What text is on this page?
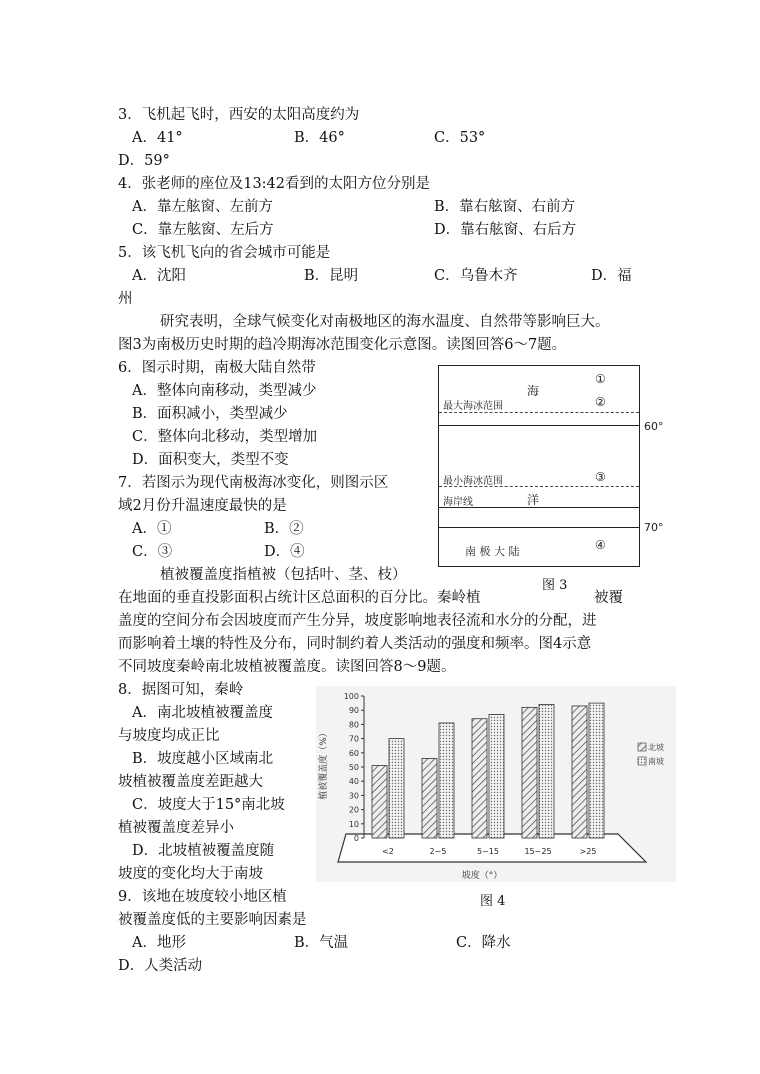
3．飞机起飞时，西安的太阳高度约为
A．41°	B．46°	C．53°
D．59°
4．张老师的座位及13:42看到的太阳方位分别是
A．靠左舷窗、左前方	B．靠右舷窗、右前方
C．靠左舷窗、左后方	D．靠右舷窗、右后方
5．该飞机飞向的省会城市可能是
A．沈阳	B．昆明	C．乌鲁木齐	D．福
州
研究表明，全球气候变化对南极地区的海水温度、自然带等影响巨大。
图3为南极历史时期的趋冷期海冰范围变化示意图。读图回答6～7题。
6．图示时期，南极大陆自然带
A．整体向南移动，类型减少
B．面积减小，类型减少
C．整体向北移动，类型增加
D．面积变大，类型不变
7．若图示为现代南极海冰变化，则图示区
域2月份升温速度最快的是
A．①	B．②
C．③	D．④
海
①
最大海冰范围	②
最小海冰范围	③
海岸线	洋
南 极 大 陆	④
60°
70°
图 3
植被覆盖度指植被（包括叶、茎、枝）
在地面的垂直投影面积占统计区总面积的百分比。秦岭植	被覆
盖度的空间分布会因坡度而产生分异，坡度影响地表径流和水分的分配，进
而影响着土壤的特性及分布，同时制约着人类活动的强度和频率。图4示意
不同坡度秦岭南北坡植被覆盖度。读图回答8～9题。
8．据图可知，秦岭
A．南北坡植被覆盖度
与坡度均成正比
B．坡度越小区域南北
坡植被覆盖度差距越大
C．坡度大于15°南北坡
植被覆盖度差异小
D．北坡植被覆盖度随
坡度的变化均大于南坡
9．该地在坡度较小地区植
被覆盖度低的主要影响因素是
A．地形	B．气温	C．降水
D．人类活动
0
10
20
30
40
50
60
70
80
90
100
<2	2~5	5~15	15~25	>25
植被覆盖度（%）
坡度（°）
北坡
南坡
图 4
